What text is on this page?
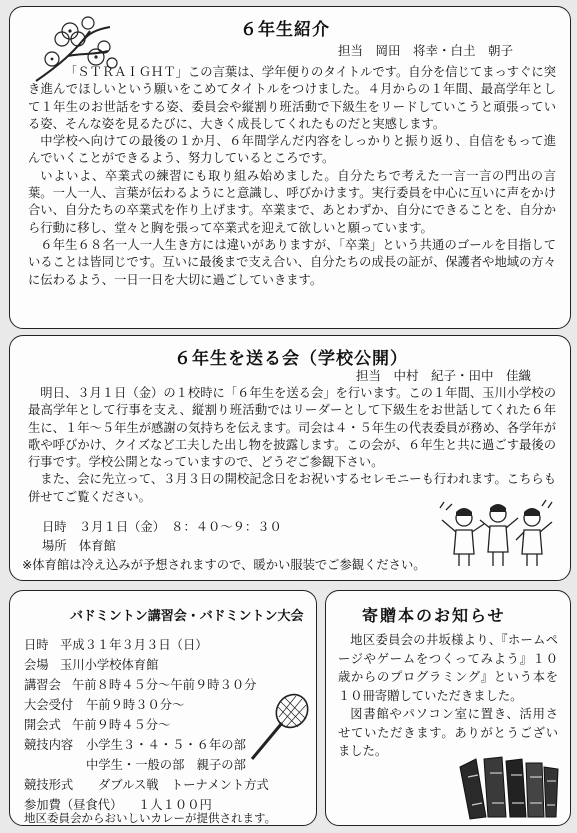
６年生紹介
担当　岡田　将幸・白𡈽　朝子

「ＳＴＲＡＩＧＨＴ」この言葉は、学年便りのタイトルです。自分を信じてまっすぐに突き進んでほしいという願いをこめてタイトルをつけました。４月からの１年間、最高学年として１年生のお世話をする姿、委員会や縦割り班活動で下級生をリードしていこうと頑張っている姿、そんな姿を見るたびに、大きく成長してくれたものだと実感します。

中学校へ向けての最後の１か月、６年間学んだ内容をしっかりと振り返り、自信をもって進んでいくことができるよう、努力しているところです。

いよいよ、卒業式の練習にも取り組み始めました。自分たちで考えた一言一言の門出の言葉。一人一人、言葉が伝わるようにと意識し、呼びかけます。実行委員を中心に互いに声をかけ合い、自分たちの卒業式を作り上げます。卒業まで、あとわずか、自分にできることを、自分から行動に移し、堂々と胸を張って卒業式を迎えて欲しいと願っています。

６年生６８名一人一人生き方には違いがありますが、「卒業」という共通のゴールを目指していることは皆同じです。互いに最後まで支え合い、自分たちの成長の証が、保護者や地域の方々に伝わるよう、一日一日を大切に過ごしていきます。

６年生を送る会（学校公開）
担当　中村　紀子・田中　佳織

明日、３月１日（金）の１校時に「６年生を送る会」を行います。この１年間、玉川小学校の最高学年として行事を支え、縦割り班活動ではリーダーとして下級生をお世話してくれた６年生に、１年～５年生が感謝の気持ちを伝えます。司会は４・５年生の代表委員が務め、各学年が歌や呼びかけ、クイズなど工夫した出し物を披露します。この会が、６年生と共に過ごす最後の行事です。学校公開となっていますので、どうぞご参観下さい。

また、会に先立って、３月３日の開校記念日をお祝いするセレモニーも行われます。こちらも併せてご覧ください。

日時　 ３月１日（金）　８：４０～９：３０
場所　 体育館
※体育館は冷え込みが予想されますので、暖かい服装でご参観ください。
バドミントン講習会・バドミントン大会
日時 平成３１年３月３日（日）
会場 玉川小学校体育館
講習会 午前８時４５分～午前９時３０分
大会受付 午前９時３０分～
開会式 午前９時４５分～
競技内容 小学生３・４・５・６年の部
中学生・一般の部　親子の部
競技形式 ダブルス戦　トーナメント方式
参加費（昼食代） １人１００円
地区委員会からおいしいカレーが提供されます。
寄贈本のお知らせ

地区委員会の井坂様より、『ホームページやゲームをつくってみよう』１０歳からのプログラミング』という本を１０冊寄贈していただきました。

図書館やパソコン室に置き、活用させていただきます。ありがとうございました。
